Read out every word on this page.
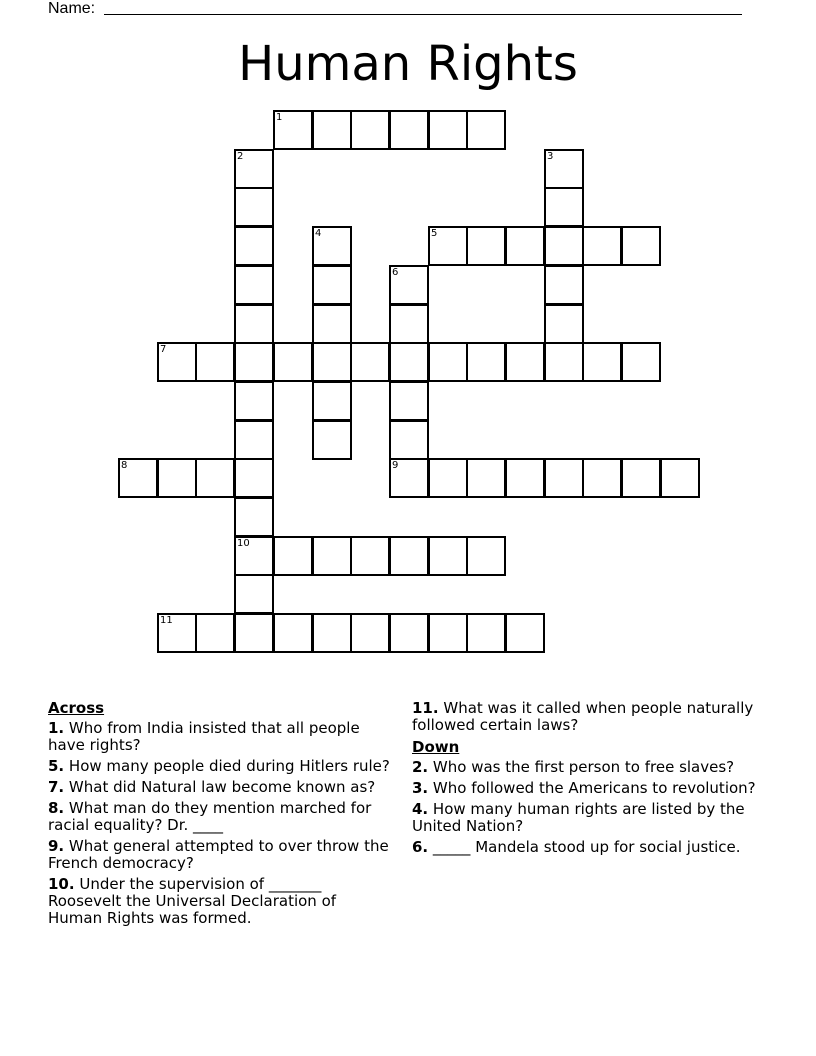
Name:
Human Rights
1
2
10
3
4	5
6
9
7
8
11
Across
1. Who from India insisted that all people have rights?
5. How many people died during Hitlers rule?
7. What did Natural law become known as?
8. What man do they mention marched for racial equality? Dr. ____
9. What general attempted to over throw the French democracy?
10. Under the supervision of _______ Roosevelt the Universal Declaration of Human Rights was formed.
11. What was it called when people naturally followed certain laws?
Down
2. Who was the first person to free slaves?
3. Who followed the Americans to revolution?
4. How many human rights are listed by the United Nation?
6. _____ Mandela stood up for social justice.
